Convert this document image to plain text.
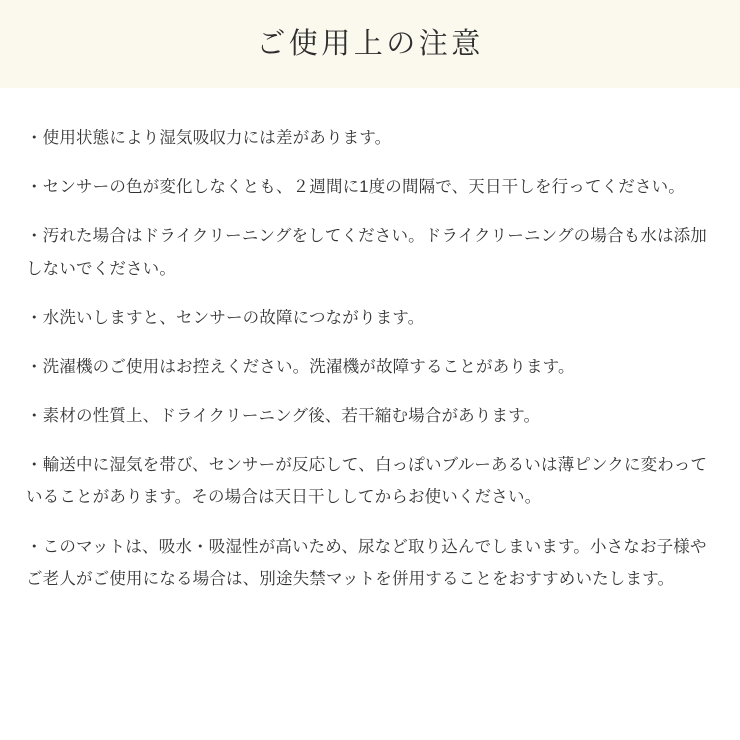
ご使用上の注意
・使用状態により湿気吸収力には差があります。
・センサーの色が変化しなくとも、２週間に1度の間隔で、天日干しを行ってください。
・汚れた場合はドライクリーニングをしてください。ドライクリーニングの場合も水は添加しないでください。
・水洗いしますと、センサーの故障につながります。
・洗濯機のご使用はお控えください。洗濯機が故障することがあります。
・素材の性質上、ドライクリーニング後、若干縮む場合があります。
・輸送中に湿気を帯び、センサーが反応して、白っぽいブルーあるいは薄ピンクに変わっていることがあります。その場合は天日干ししてからお使いください。
・このマットは、吸水・吸湿性が高いため、尿など取り込んでしまいます。小さなお子様やご老人がご使用になる場合は、別途失禁マットを併用することをおすすめいたします。
